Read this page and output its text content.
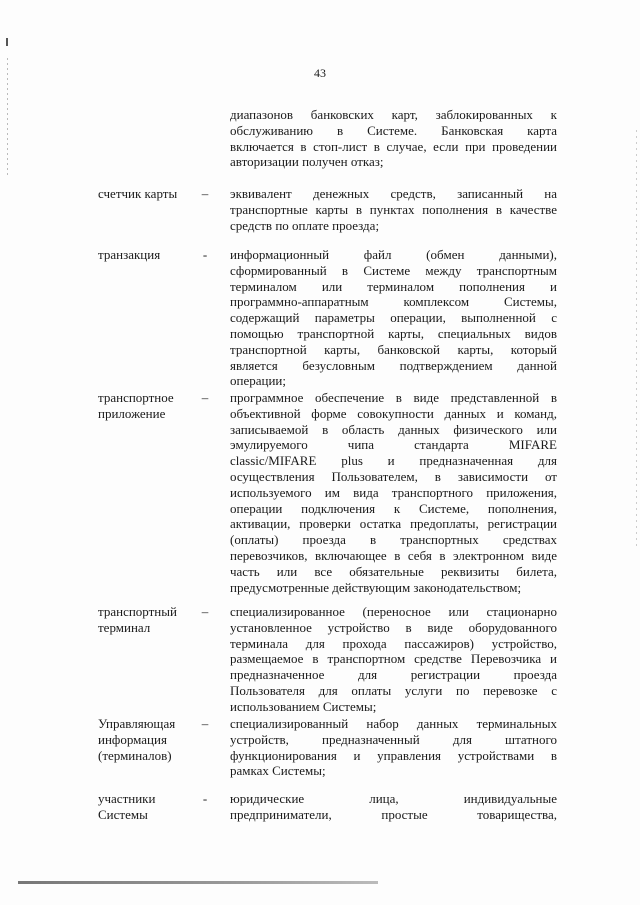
43
диапазонов банковских карт, заблокированных к
обслуживанию в Системе. Банковская карта
включается в стоп-лист в случае, если при проведении
авторизации получен отказ;
счетчик карты	– эквивалент денежных средств, записанный на
транспортные карты в пунктах пополнения в качестве
средств по оплате проезда;
транзакция	-	информационный файл (обмен данными),
сформированный в Системе между транспортным
терминалом или терминалом пополнения и
программно-аппаратным комплексом Системы,
содержащий параметры операции, выполненной с
помощью транспортной карты, специальных видов
транспортной карты, банковской карты, который
является безусловным подтверждением данной
операции;
транспортное
приложение
– программное обеспечение в виде представленной в
объективной форме совокупности данных и команд,
записываемой в область данных физического или
эмулируемого чипа стандарта MIFARE
classic/MIFARE plus и предназначенная для
осуществления Пользователем, в зависимости от
используемого им вида транспортного приложения,
операции подключения к Системе, пополнения,
активации, проверки остатка предоплаты, регистрации
(оплаты) проезда в транспортных средствах
перевозчиков, включающее в себя в электронном виде
часть или все обязательные реквизиты билета,
предусмотренные действующим законодательством;
транспортный
терминал
– специализированное (переносное или стационарно
установленное устройство в виде оборудованного
терминала для прохода пассажиров) устройство,
размещаемое в транспортном средстве Перевозчика и
предназначенное для регистрации проезда
Пользователя для оплаты услуги по перевозке с
использованием Системы;
Управляющая
информация
(терминалов)
– специализированный набор данных терминальных
устройств, предназначенный для штатного
функционирования и управления устройствами в
рамках Системы;
участники
Системы
-	юридические лица, индивидуальные
предприниматели, простые товарищества,
